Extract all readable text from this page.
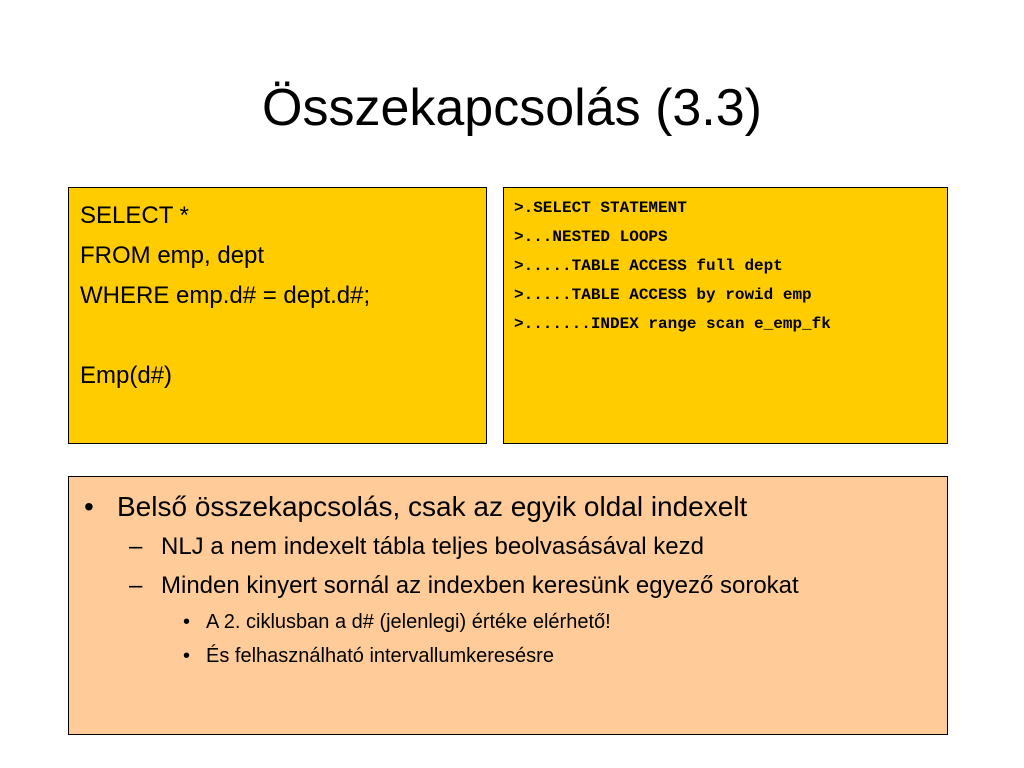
Összekapcsolás (3.3)
SELECT *
FROM emp, dept
WHERE emp.d# = dept.d#;
Emp(d#)
>.SELECT STATEMENT
>...NESTED LOOPS
>.....TABLE ACCESS full dept
>.....TABLE ACCESS by rowid emp
>.......INDEX range scan e_emp_fk
• Belső összekapcsolás, csak az egyik oldal indexelt
– NLJ a nem indexelt tábla teljes beolvasásával kezd
– Minden kinyert sornál az indexben keresünk egyező sorokat
• A 2. ciklusban a d# (jelenlegi) értéke elérhető!
• És felhasználható intervallumkeresésre
